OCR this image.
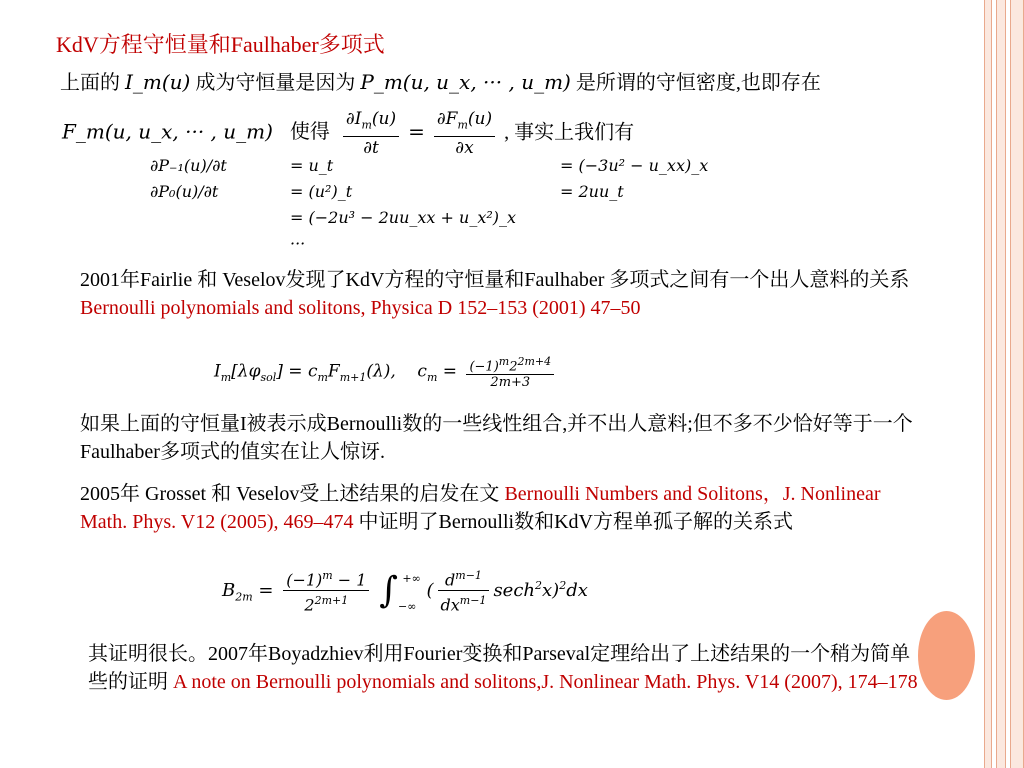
KdV方程守恒量和Faulhaber多项式
上面的 I_m(u) 成为守恒量是因为 P_m(u, u_x, ··· , u_m) 是所谓的守恒密度,也即存在
F_m(u, u_x, ··· , u_m) 使得 $\frac{\partial I_m(u)}{\partial t} = \frac{\partial F_m(u)}{\partial x}$ , 事实上我们有
∂P₋₁(u)/∂t	= u_t	= (−3u² − u_xx)_x
∂P₀(u)/∂t	= (u²)_t	= 2uu_t
= (−2u³ − 2uu_xx + u_x²)_x
···
2001年Fairlie 和 Veselov发现了KdV方程的守恒量和Faulhaber 多项式之间有一个出人意料的关系 Bernoulli polynomials and solitons, Physica D 152–153 (2001) 47–50
$I_m[\lambda\varphi_{sol}] = c_mF_{m+1}(\lambda)$,    $c_m = \frac{(-1)^m2^{2m+4}}{2m+3}$
如果上面的守恒量I被表示成Bernoulli数的一些线性组合,并不出人意料;但不多不少恰好等于一个Faulhaber多项式的值实在让人惊讶.
2005年 Grosset 和 Veselov受上述结果的启发在文 Bernoulli Numbers and Solitons，J. Nonlinear Math. Phys. V12 (2005), 469–474 中证明了Bernoulli数和KdV方程单孤子解的关系式
$B_{2m} = \frac{(-1)^m - 1}{2^{2m+1}} \int_{-\infty}^{+\infty}$ ( $\frac{d^{m-1}}{dx^{m-1}} \sec h^2x)^2dx$
其证明很长。2007年Boyadzhiev利用Fourier变换和Parseval定理给出了上述结果的一个稍为简单些的证明 A note on Bernoulli polynomials and solitons,J. Nonlinear Math. Phys. V14 (2007), 174–178
